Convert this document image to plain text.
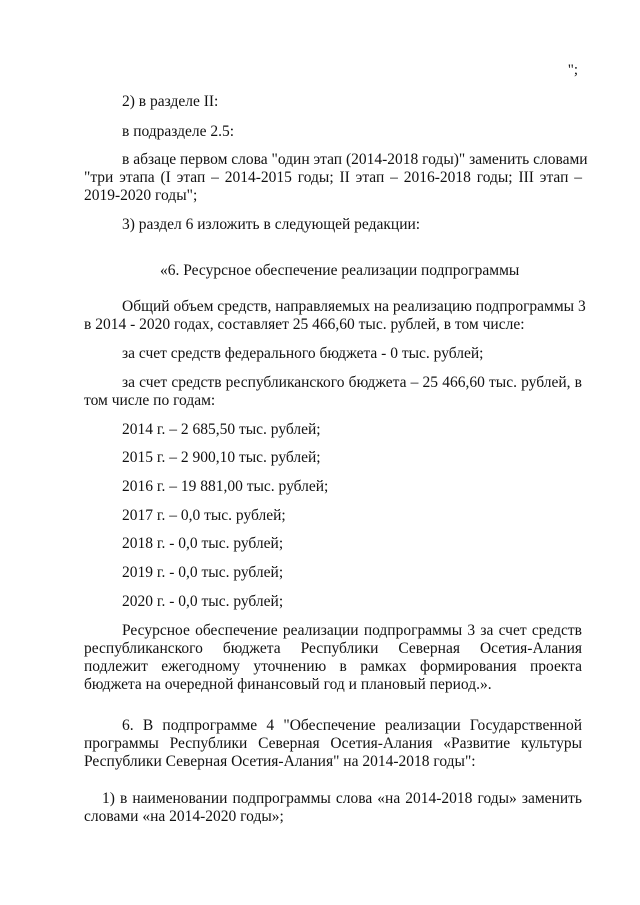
";
2) в разделе II:
в подразделе 2.5:
в абзаце первом слова "один этап (2014-2018 годы)" заменить словами
"три этапа (I этап – 2014-2015 годы; II этап – 2016-2018 годы; III этап –
2019-2020 годы";
3) раздел 6 изложить в следующей редакции:
«6. Ресурсное обеспечение реализации подпрограммы
Общий объем средств, направляемых на реализацию подпрограммы 3
в 2014 - 2020 годах, составляет 25 466,60 тыс. рублей, в том числе:
за счет средств федерального бюджета - 0 тыс. рублей;
за счет средств республиканского бюджета – 25 466,60 тыс. рублей, в
том числе по годам:
2014 г. – 2 685,50 тыс. рублей;
2015 г. – 2 900,10 тыс. рублей;
2016 г. – 19 881,00 тыс. рублей;
2017 г. – 0,0 тыс. рублей;
2018 г. - 0,0 тыс. рублей;
2019 г. - 0,0 тыс. рублей;
2020 г. - 0,0 тыс. рублей;
Ресурсное обеспечение реализации подпрограммы 3 за счет средств
республиканского бюджета Республики Северная Осетия-Алания
подлежит ежегодному уточнению в рамках формирования проекта
бюджета на очередной финансовый год и плановый период.».
6. В подпрограмме 4 "Обеспечение реализации Государственной
программы Республики Северная Осетия-Алания «Развитие культуры
Республики Северная Осетия-Алания" на 2014-2018 годы":
1) в наименовании подпрограммы слова «на 2014-2018 годы» заменить
словами «на 2014-2020 годы»;
